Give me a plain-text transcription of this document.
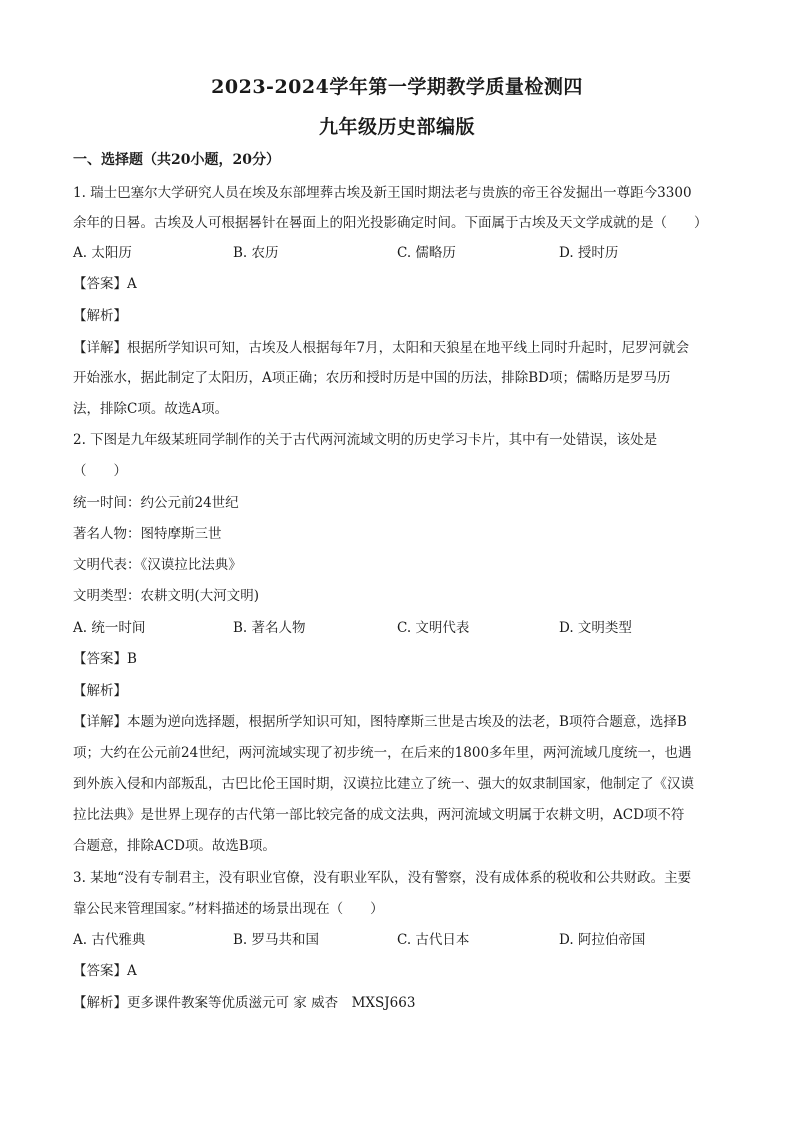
2023-2024学年第一学期教学质量检测四
九年级历史部编版
一、选择题（共20小题，20分）
1. 瑞士巴塞尔大学研究人员在埃及东部埋葬古埃及新王国时期法老与贵族的帝王谷发掘出一尊距今3300
余年的日晷。古埃及人可根据晷针在晷面上的阳光投影确定时间。下面属于古埃及天文学成就的是（　　）
A. 太阳历	B. 农历	C. 儒略历	D. 授时历
【答案】A
【解析】
【详解】根据所学知识可知，古埃及人根据每年7月，太阳和天狼星在地平线上同时升起时，尼罗河就会
开始涨水，据此制定了太阳历，A项正确；农历和授时历是中国的历法，排除BD项；儒略历是罗马历
法，排除C项。故选A项。
2. 下图是九年级某班同学制作的关于古代两河流域文明的历史学习卡片，其中有一处错误，该处是
（　　）
统一时间：约公元前24世纪
著名人物：图特摩斯三世
文明代表：《汉谟拉比法典》
文明类型：农耕文明(大河文明)
A. 统一时间	B. 著名人物	C. 文明代表	D. 文明类型
【答案】B
【解析】
【详解】本题为逆向选择题，根据所学知识可知，图特摩斯三世是古埃及的法老，B项符合题意，选择B
项；大约在公元前24世纪，两河流域实现了初步统一，在后来的1800多年里，两河流域几度统一，也遇
到外族入侵和内部叛乱，古巴比伦王国时期，汉谟拉比建立了统一、强大的奴隶制国家，他制定了《汉谟
拉比法典》是世界上现存的古代第一部比较完备的成文法典，两河流域文明属于农耕文明，ACD项不符
合题意，排除ACD项。故选B项。
3. 某地“没有专制君主，没有职业官僚，没有职业军队，没有警察，没有成体系的税收和公共财政。主要
靠公民来管理国家。”材料描述的场景出现在（　　）
A. 古代雅典	B. 罗马共和国	C. 古代日本	D. 阿拉伯帝国
【答案】A
【解析】更多课件教案等优质滋元可 家 威杏　MXSJ663
